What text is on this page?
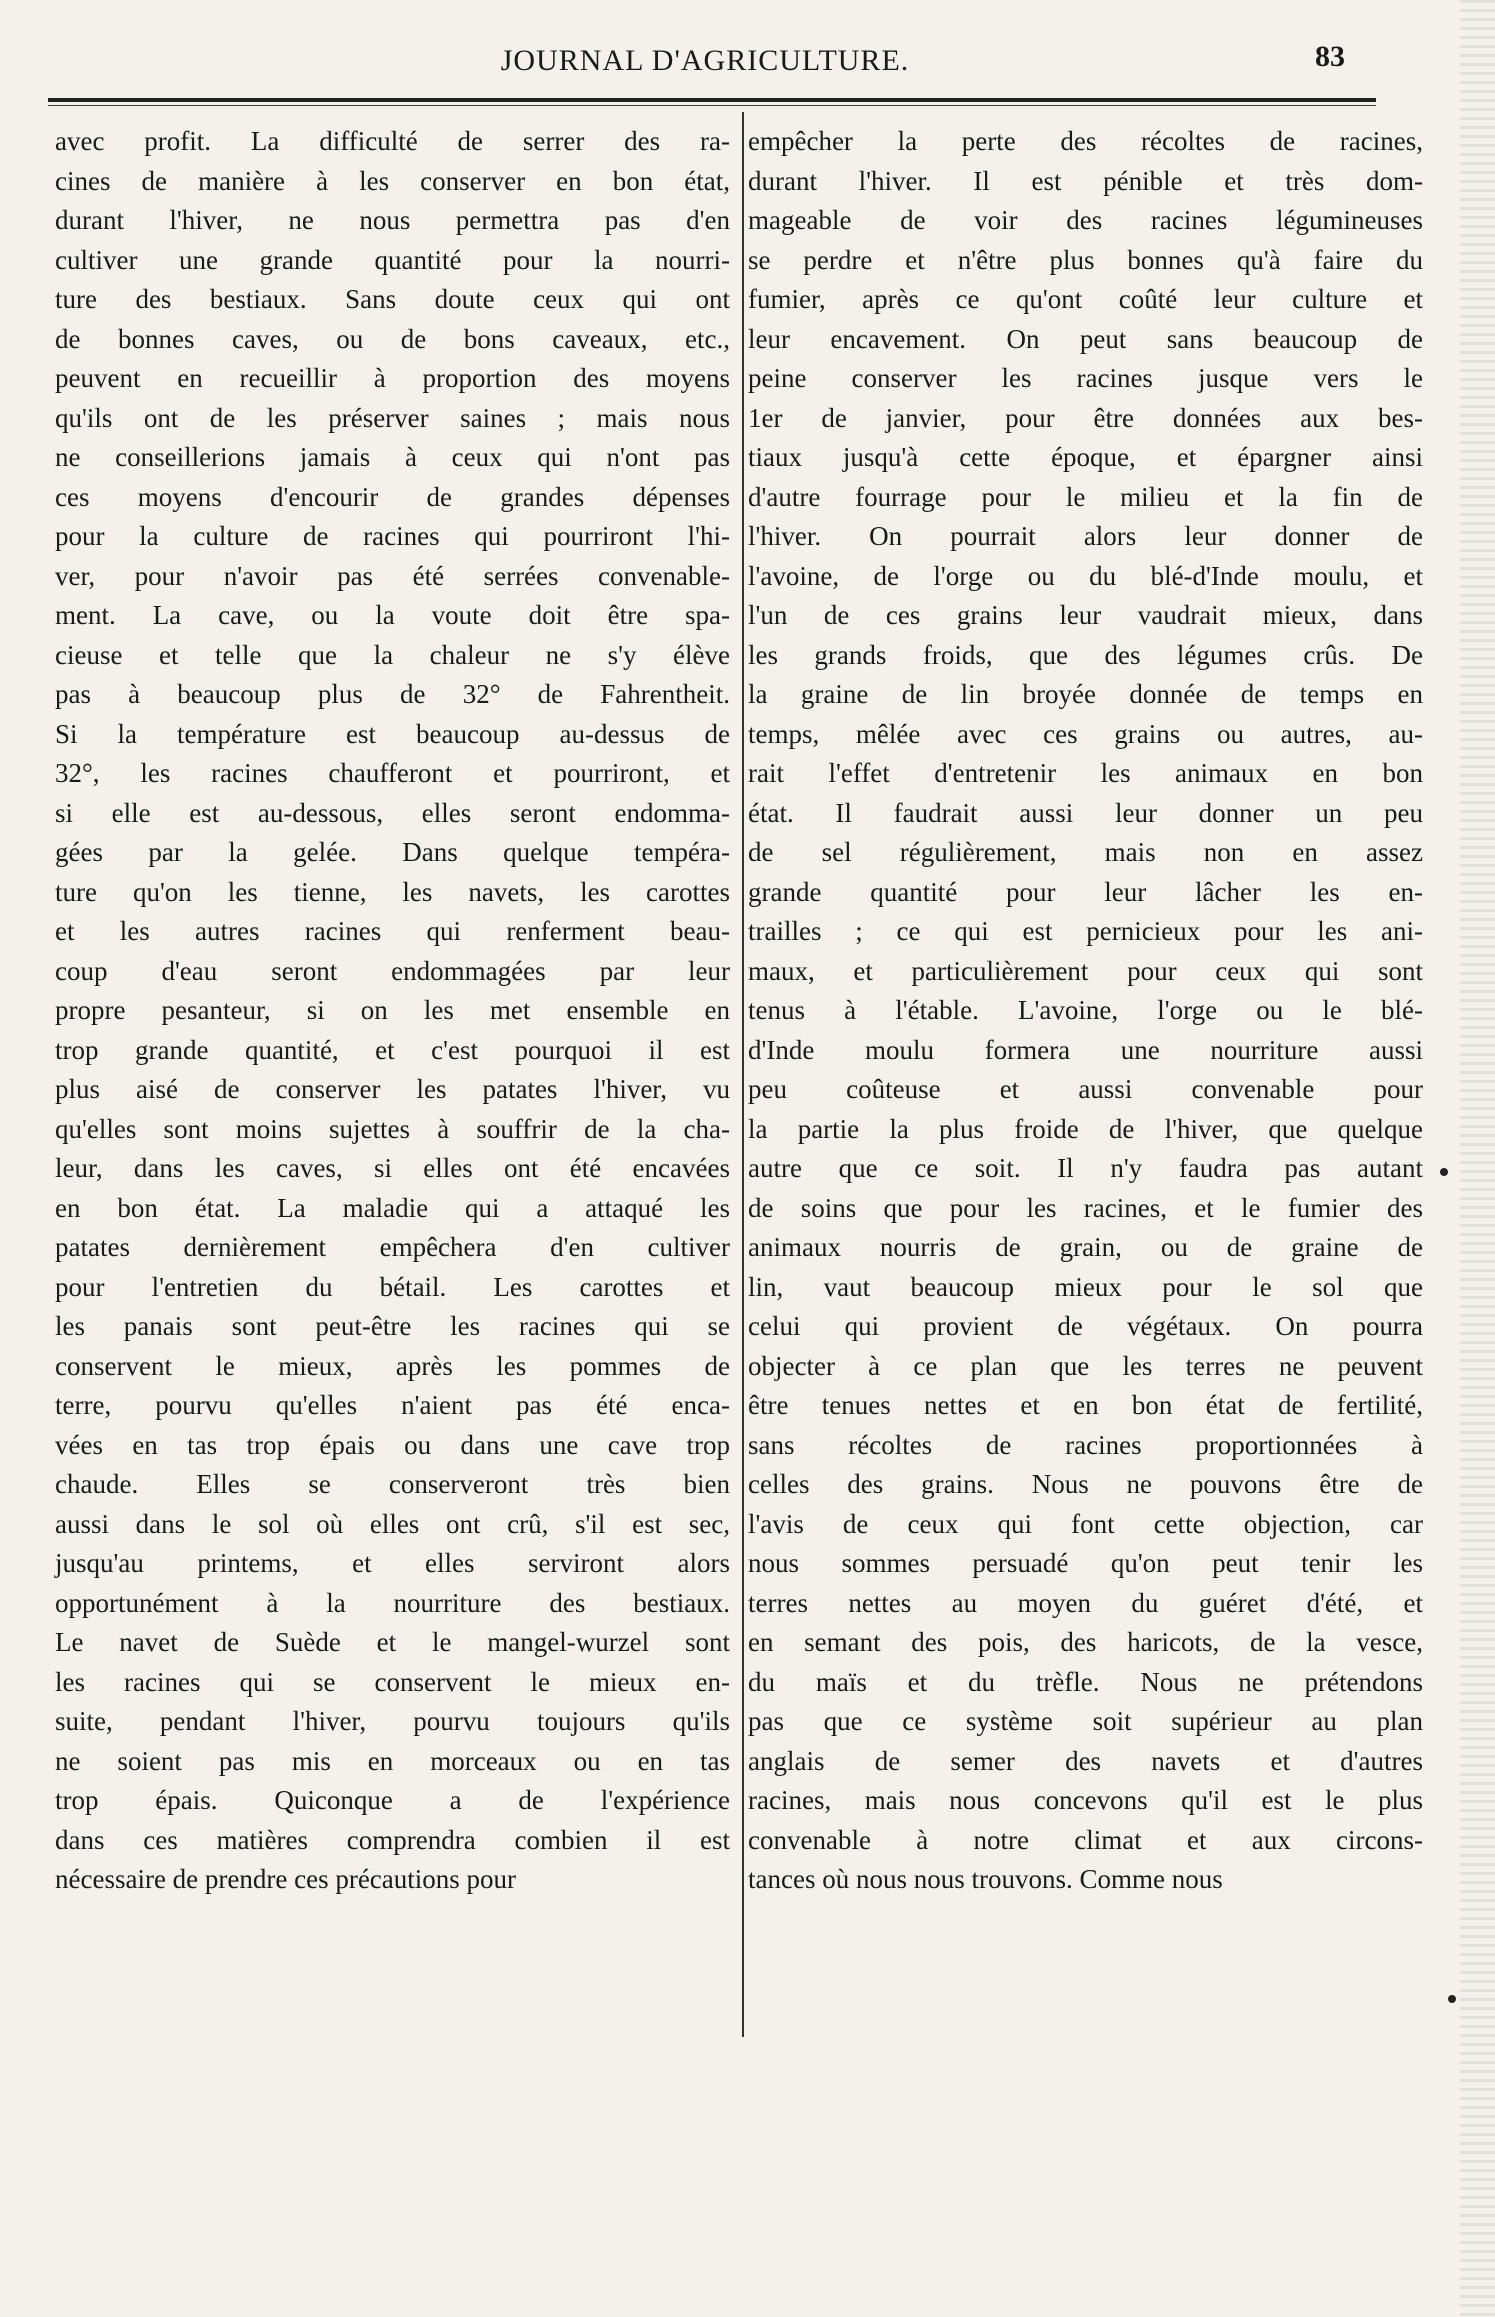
JOURNAL D'AGRICULTURE.	83
avec profit. La difficulté de serrer des ra-
cines de manière à les conserver en bon état,
durant l'hiver, ne nous permettra pas d'en
cultiver une grande quantité pour la nourri-
ture des bestiaux. Sans doute ceux qui ont
de bonnes caves, ou de bons caveaux, etc.,
peuvent en recueillir à proportion des moyens
qu'ils ont de les préserver saines ; mais nous
ne conseillerions jamais à ceux qui n'ont pas
ces moyens d'encourir de grandes dépenses
pour la culture de racines qui pourriront l'hi-
ver, pour n'avoir pas été serrées convenable-
ment. La cave, ou la voute doit être spa-
cieuse et telle que la chaleur ne s'y élève
pas à beaucoup plus de 32° de Fahrentheit.
Si la température est beaucoup au-dessus de
32°, les racines chaufferont et pourriront, et
si elle est au-dessous, elles seront endomma-
gées par la gelée. Dans quelque tempéra-
ture qu'on les tienne, les navets, les carottes
et les autres racines qui renferment beau-
coup d'eau seront endommagées par leur
propre pesanteur, si on les met ensemble en
trop grande quantité, et c'est pourquoi il est
plus aisé de conserver les patates l'hiver, vu
qu'elles sont moins sujettes à souffrir de la cha-
leur, dans les caves, si elles ont été encavées
en bon état. La maladie qui a attaqué les
patates dernièrement empêchera d'en cultiver
pour l'entretien du bétail. Les carottes et
les panais sont peut-être les racines qui se
conservent le mieux, après les pommes de
terre, pourvu qu'elles n'aient pas été enca-
vées en tas trop épais ou dans une cave trop
chaude. Elles se conserveront très bien
aussi dans le sol où elles ont crû, s'il est sec,
jusqu'au printems, et elles serviront alors
opportunément à la nourriture des bestiaux.
Le navet de Suède et le mangel-wurzel sont
les racines qui se conservent le mieux en-
suite, pendant l'hiver, pourvu toujours qu'ils
ne soient pas mis en morceaux ou en tas
trop épais. Quiconque a de l'expérience
dans ces matières comprendra combien il est
nécessaire de prendre ces précautions pour
empêcher la perte des récoltes de racines,
durant l'hiver. Il est pénible et très dom-
mageable de voir des racines légumineuses
se perdre et n'être plus bonnes qu'à faire du
fumier, après ce qu'ont coûté leur culture et
leur encavement. On peut sans beaucoup de
peine conserver les racines jusque vers le
1er de janvier, pour être données aux bes-
tiaux jusqu'à cette époque, et épargner ainsi
d'autre fourrage pour le milieu et la fin de
l'hiver. On pourrait alors leur donner de
l'avoine, de l'orge ou du blé-d'Inde moulu, et
l'un de ces grains leur vaudrait mieux, dans
les grands froids, que des légumes crûs. De
la graine de lin broyée donnée de temps en
temps, mêlée avec ces grains ou autres, au-
rait l'effet d'entretenir les animaux en bon
état. Il faudrait aussi leur donner un peu
de sel régulièrement, mais non en assez
grande quantité pour leur lâcher les en-
trailles ; ce qui est pernicieux pour les ani-
maux, et particulièrement pour ceux qui sont
tenus à l'étable. L'avoine, l'orge ou le blé-
d'Inde moulu formera une nourriture aussi
peu coûteuse et aussi convenable pour
la partie la plus froide de l'hiver, que quelque
autre que ce soit. Il n'y faudra pas autant
de soins que pour les racines, et le fumier des
animaux nourris de grain, ou de graine de
lin, vaut beaucoup mieux pour le sol que
celui qui provient de végétaux. On pourra
objecter à ce plan que les terres ne peuvent
être tenues nettes et en bon état de fertilité,
sans récoltes de racines proportionnées à
celles des grains. Nous ne pouvons être de
l'avis de ceux qui font cette objection, car
nous sommes persuadé qu'on peut tenir les
terres nettes au moyen du guéret d'été, et
en semant des pois, des haricots, de la vesce,
du maïs et du trèfle. Nous ne prétendons
pas que ce système soit supérieur au plan
anglais de semer des navets et d'autres
racines, mais nous concevons qu'il est le plus
convenable à notre climat et aux circons-
tances où nous nous trouvons. Comme nous
